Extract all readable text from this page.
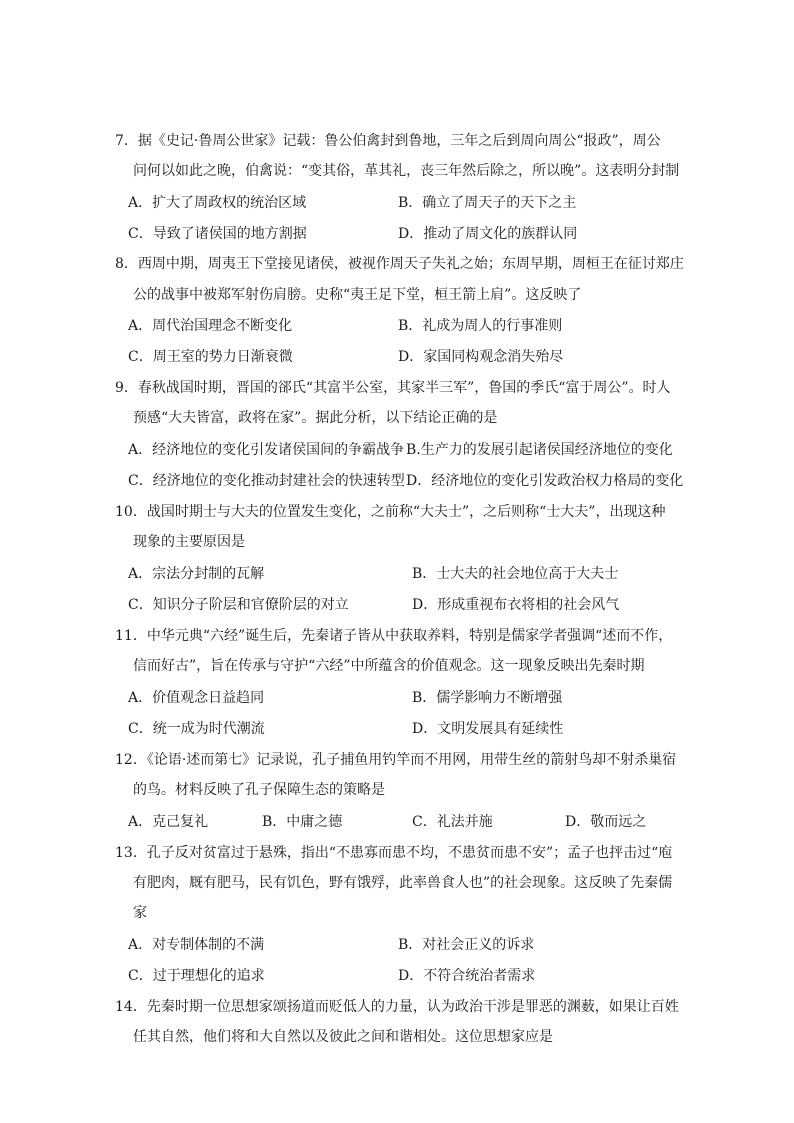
7．据《史记·鲁周公世家》记载：鲁公伯禽封到鲁地，三年之后到周向周公“报政”，周公
问何以如此之晚，伯禽说：“变其俗，革其礼，丧三年然后除之，所以晚”。这表明分封制
A．扩大了周政权的统治区域	B．确立了周天子的天下之主
C．导致了诸侯国的地方割据	D．推动了周文化的族群认同
8．西周中期，周夷王下堂接见诸侯，被视作周天子失礼之始；东周早期，周桓王在征讨郑庄
公的战事中被郑军射伤肩膀。史称“夷王足下堂，桓王箭上肩”。这反映了
A．周代治国理念不断变化	B．礼成为周人的行事准则
C．周王室的势力日渐衰微	D．家国同构观念消失殆尽
9．春秋战国时期，晋国的郤氏“其富半公室，其家半三军”，鲁国的季氏“富于周公”。时人
预感“大夫皆富，政将在家”。据此分析，以下结论正确的是
A．经济地位的变化引发诸侯国间的争霸战争 B.生产力的发展引起诸侯国经济地位的变化
C．经济地位的变化推动封建社会的快速转型 D．经济地位的变化引发政治权力格局的变化
10．战国时期士与大夫的位置发生变化，之前称“大夫士”，之后则称“士大夫”，出现这种
现象的主要原因是
A．宗法分封制的瓦解	B．士大夫的社会地位高于大夫士
C．知识分子阶层和官僚阶层的对立	D．形成重视布衣将相的社会风气
11．中华元典“六经”诞生后，先秦诸子皆从中获取养料，特别是儒家学者强调“述而不作，
信而好古”，旨在传承与守护“六经”中所蕴含的价值观念。这一现象反映出先秦时期
A．价值观念日益趋同	B．儒学影响力不断增强
C．统一成为时代潮流	D．文明发展具有延续性
12．《论语·述而第七》记录说，孔子捕鱼用钓竿而不用网，用带生丝的箭射鸟却不射杀巢宿
的鸟。材料反映了孔子保障生态的策略是
A．克己复礼	B．中庸之德	C．礼法并施	D．敬而远之
13．孔子反对贫富过于悬殊，指出“不患寡而患不均，不患贫而患不安”；孟子也抨击过“庖
有肥肉，厩有肥马，民有饥色，野有饿殍，此率兽食人也”的社会现象。这反映了先秦儒
家
A．对专制体制的不满	B．对社会正义的诉求
C．过于理想化的追求	D．不符合统治者需求
14．先秦时期一位思想家颂扬道而贬低人的力量，认为政治干涉是罪恶的渊薮，如果让百姓
任其自然，他们将和大自然以及彼此之间和谐相处。这位思想家应是
